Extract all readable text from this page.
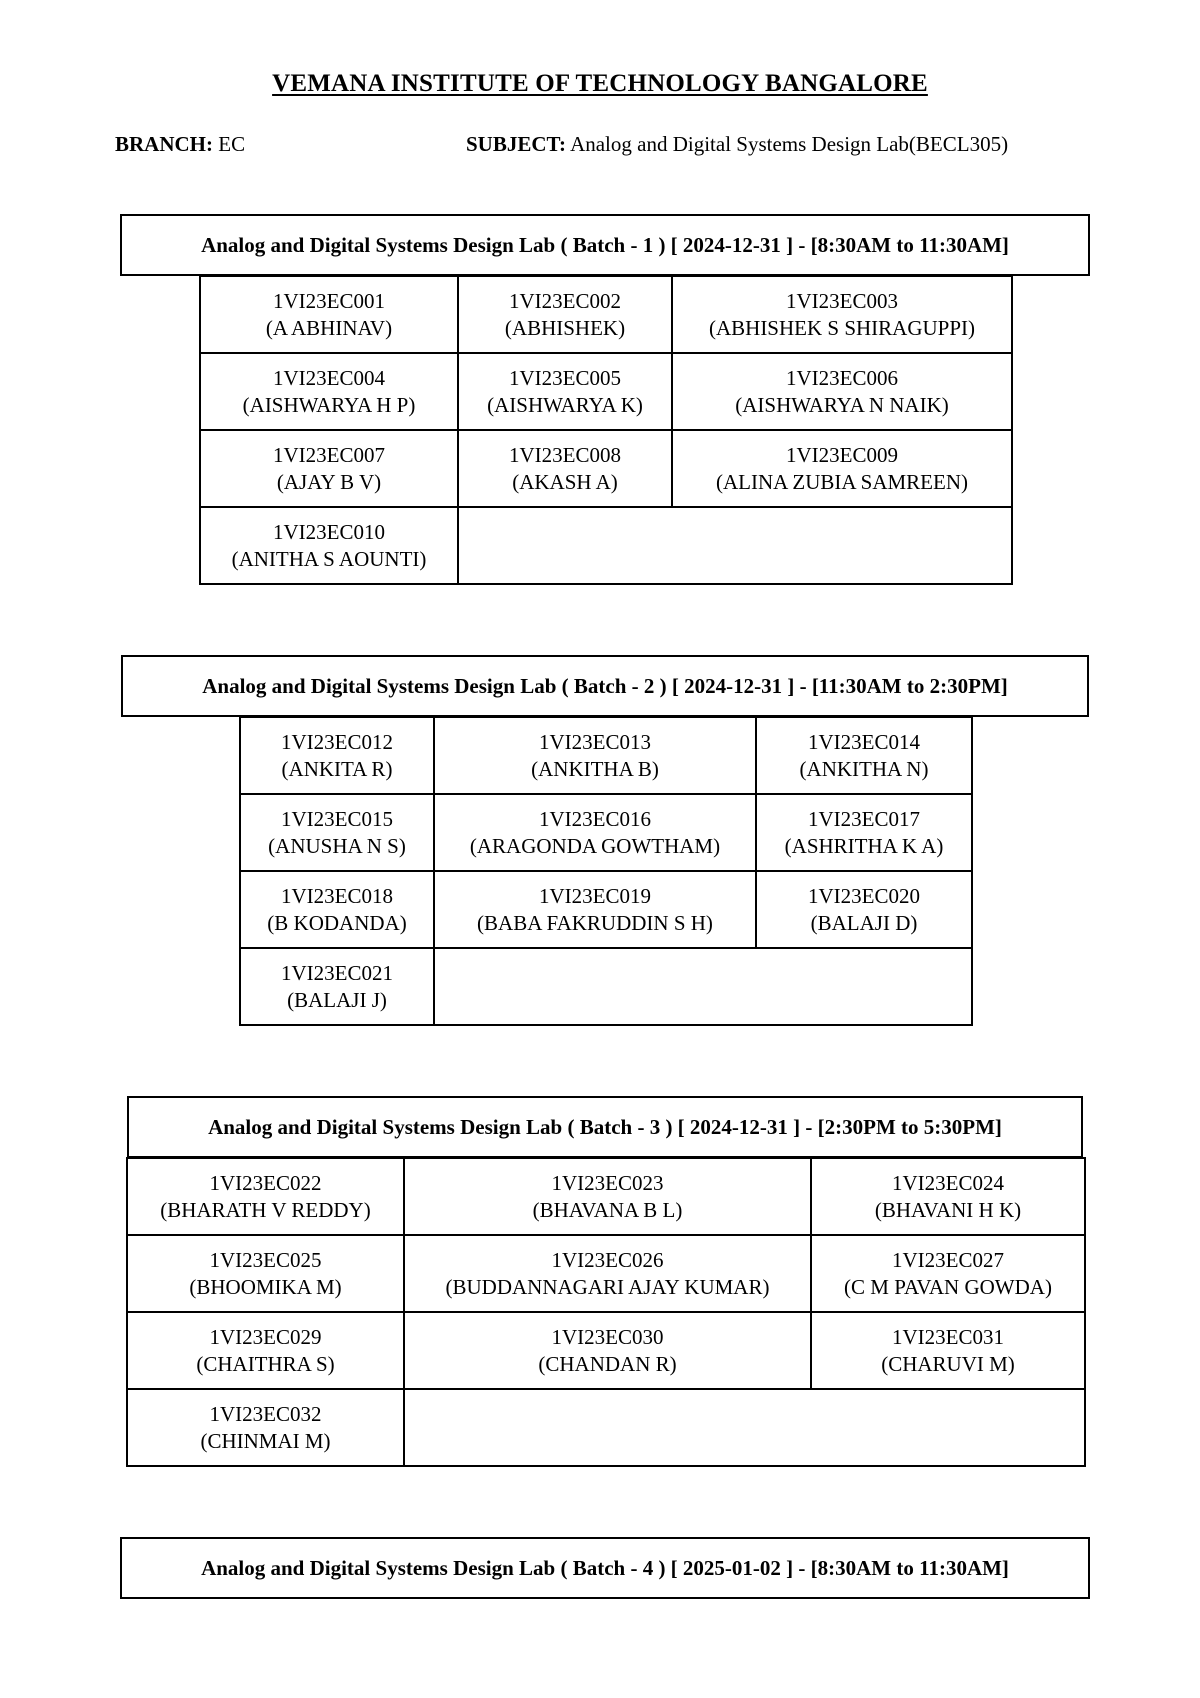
VEMANA INSTITUTE OF TECHNOLOGY BANGALORE
BRANCH: EC	SUBJECT: Analog and Digital Systems Design Lab(BECL305)
Analog and Digital Systems Design Lab ( Batch - 1 ) [ 2024-12-31 ] - [8:30AM to 11:30AM]
1VI23EC001
(A ABHINAV)	1VI23EC002
(ABHISHEK)	1VI23EC003
(ABHISHEK S SHIRAGUPPI)

1VI23EC004
(AISHWARYA H P)	1VI23EC005
(AISHWARYA K)	1VI23EC006
(AISHWARYA N NAIK)

1VI23EC007
(AJAY B V)	1VI23EC008
(AKASH A)	1VI23EC009
(ALINA ZUBIA SAMREEN)

1VI23EC010
(ANITHA S AOUNTI)		

Analog and Digital Systems Design Lab ( Batch - 2 ) [ 2024-12-31 ] - [11:30AM to 2:30PM]
1VI23EC012
(ANKITA R)	1VI23EC013
(ANKITHA B)	1VI23EC014
(ANKITHA N)

1VI23EC015
(ANUSHA N S)	1VI23EC016
(ARAGONDA GOWTHAM)	1VI23EC017
(ASHRITHA K A)

1VI23EC018
(B KODANDA)	1VI23EC019
(BABA FAKRUDDIN S H)	1VI23EC020
(BALAJI D)

1VI23EC021
(BALAJI J)		

Analog and Digital Systems Design Lab ( Batch - 3 ) [ 2024-12-31 ] - [2:30PM to 5:30PM]
1VI23EC022
(BHARATH V REDDY)	1VI23EC023
(BHAVANA B L)	1VI23EC024
(BHAVANI H K)

1VI23EC025
(BHOOMIKA M)	1VI23EC026
(BUDDANNAGARI AJAY KUMAR)	1VI23EC027
(C M PAVAN GOWDA)

1VI23EC029
(CHAITHRA S)	1VI23EC030
(CHANDAN R)	1VI23EC031
(CHARUVI M)

1VI23EC032
(CHINMAI M)		

Analog and Digital Systems Design Lab ( Batch - 4 ) [ 2025-01-02 ] - [8:30AM to 11:30AM]
